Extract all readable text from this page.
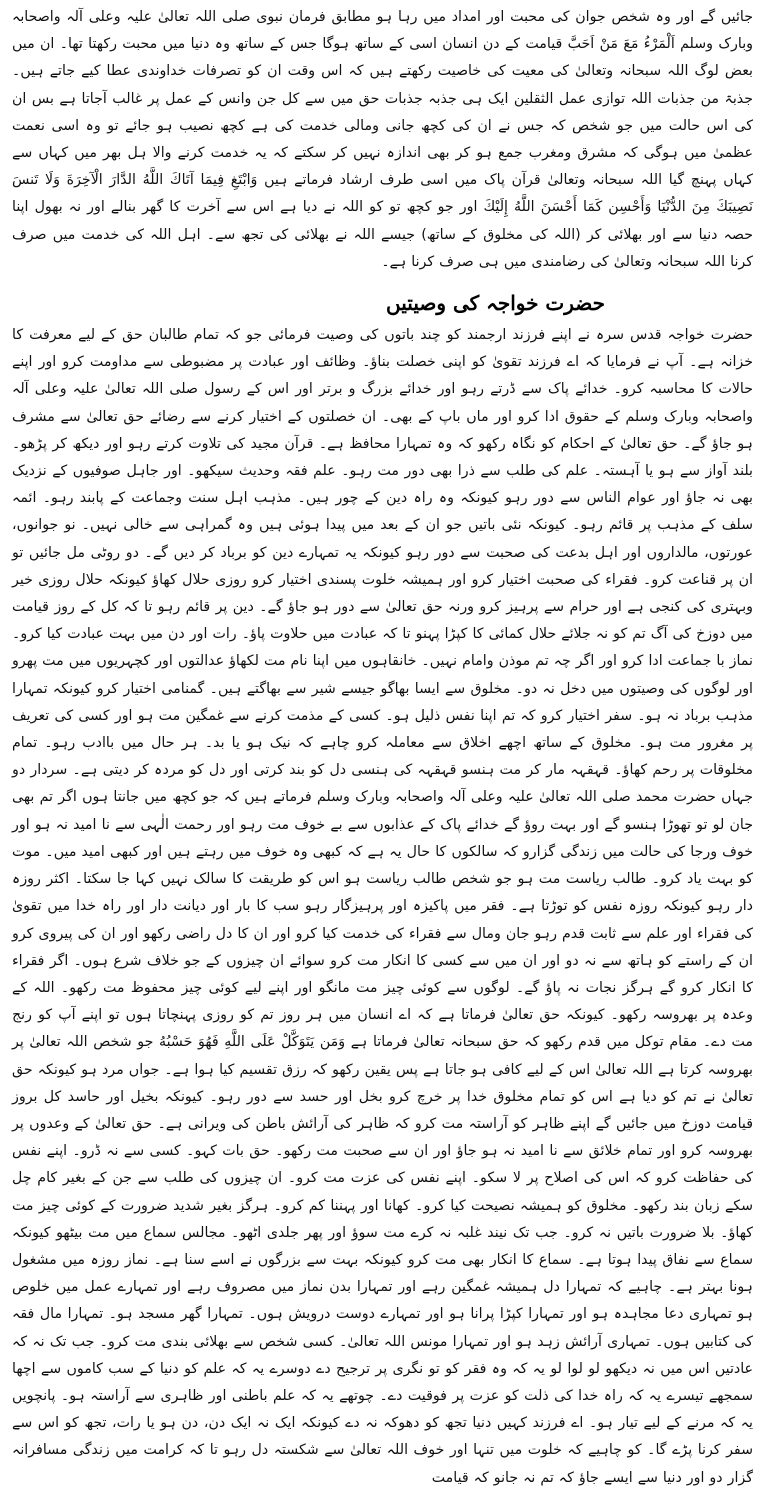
جائیں گے اور وہ شخص جوان کی محبت اور امداد میں رہا ہو مطابق فرمان نبوی صلی اللہ تعالیٰ علیہ وعلی آلہ واصحابہ وبارک وسلم اَلْمَرْءُ مَعَ مَنْ اَحَبَّ قیامت کے دن انسان اسی کے ساتھ ہوگا جس کے ساتھ وہ دنیا میں محبت رکھتا تھا۔ ان میں بعض لوگ اللہ سبحانہ وتعالیٰ کی معیت کی خاصیت رکھتے ہیں کہ اس وقت ان کو تصرفات خداوندی عطا کیے جاتے ہیں۔ جذبۃ من جذبات اللہ توازی عمل الثقلین ایک ہی جذبہ جذبات حق میں سے کل جن وانس کے عمل پر غالب آجاتا ہے بس ان کی اس حالت میں جو شخص کہ جس نے ان کی کچھ جانی ومالی خدمت کی ہے کچھ نصیب ہو جائے تو وہ اسی نعمت عظمیٰ میں ہوگی کہ مشرق ومغرب جمع ہو کر بھی اندازہ نہیں کر سکتے کہ یہ خدمت کرنے والا ہل بھر میں کہاں سے کہاں پہنچ گیا اللہ سبحانہ وتعالیٰ قرآن پاک میں اسی طرف ارشاد فرماتے ہیں وَابْتَغِ فِيمَا آتَاكَ اللَّهُ الدَّارَ الْآخِرَةَ وَلَا تَنسَ نَصِيبَكَ مِنَ الدُّنْيَا وَأَحْسِن كَمَا أَحْسَنَ اللَّهُ إِلَيْكَ اور جو کچھ تو کو اللہ نے دیا ہے اس سے آخرت کا گھر بنالے اور نہ بھول اپنا حصہ دنیا سے اور بھلائی کر (اللہ کی مخلوق کے ساتھ) جیسے اللہ نے بھلائی کی تجھ سے۔ اہل اللہ کی خدمت میں صرف کرنا اللہ سبحانہ وتعالیٰ کی رضامندی میں ہی صرف کرنا ہے۔

حضرت خواجہ کی وصیتیں

حضرت خواجہ قدس سرہ نے اپنے فرزند ارجمند کو چند باتوں کی وصیت فرمائی جو کہ تمام طالبان حق کے لیے معرفت کا خزانہ ہے۔ آپ نے فرمایا کہ اے فرزند تقویٰ کو اپنی خصلت بناؤ۔ وظائف اور عبادت پر مضبوطی سے مداومت کرو اور اپنے حالات کا محاسبہ کرو۔ خدائے پاک سے ڈرتے رہو اور خدائے بزرگ و برتر اور اس کے رسول صلی اللہ تعالیٰ علیہ وعلی آلہ واصحابہ وبارک وسلم کے حقوق ادا کرو اور ماں باپ کے بھی۔ ان خصلتوں کے اختیار کرنے سے رضائے حق تعالیٰ سے مشرف ہو جاؤ گے۔ حق تعالیٰ کے احکام کو نگاہ رکھو کہ وہ تمہارا محافظ ہے۔ قرآن مجید کی تلاوت کرتے رہو اور دیکھ کر پڑھو۔ بلند آواز سے ہو یا آہستہ۔ علم کی طلب سے ذرا بھی دور مت رہو۔ علم فقہ وحدیث سیکھو۔ اور جاہل صوفیوں کے نزدیک بھی نہ جاؤ اور عوام الناس سے دور رہو کیونکہ وہ راہ دین کے چور ہیں۔ مذہب اہل سنت وجماعت کے پابند رہو۔ ائمہ سلف کے مذہب پر قائم رہو۔ کیونکہ نئی باتیں جو ان کے بعد میں پیدا ہوئی ہیں وہ گمراہی سے خالی نہیں۔ نو جوانوں، عورتوں، مالداروں اور اہل بدعت کی صحبت سے دور رہو کیونکہ یہ تمہارے دین کو برباد کر دیں گے۔ دو روٹی مل جائیں تو ان پر قناعت کرو۔ فقراء کی صحبت اختیار کرو اور ہمیشہ خلوت پسندی اختیار کرو روزی حلال کھاؤ کیونکہ حلال روزی خیر وبہتری کی کنجی ہے اور حرام سے پرہیز کرو ورنہ حق تعالیٰ سے دور ہو جاؤ گے۔ دین پر قائم رہو تا کہ کل کے روز قیامت میں دوزخ کی آگ تم کو نہ جلائے حلال کمائی کا کپڑا پہنو تا کہ عبادت میں حلاوت پاؤ۔ رات اور دن میں بہت عبادت کیا کرو۔ نماز با جماعت ادا کرو اور اگر چہ تم موذن وامام نہیں۔ خانقاہوں میں اپنا نام مت لکھاؤ عدالتوں اور کچہریوں میں مت پھرو اور لوگوں کی وصیتوں میں دخل نہ دو۔ مخلوق سے ایسا بھاگو جیسے شیر سے بھاگتے ہیں۔ گمنامی اختیار کرو کیونکہ تمہارا مذہب برباد نہ ہو۔ سفر اختیار کرو کہ تم اپنا نفس ذلیل ہو۔ کسی کے مذمت کرنے سے غمگین مت ہو اور کسی کی تعریف پر مغرور مت ہو۔ مخلوق کے ساتھ اچھے اخلاق سے معاملہ کرو چاہے کہ نیک ہو یا بد۔ ہر حال میں باادب رہو۔ تمام مخلوقات پر رحم کھاؤ۔ قہقہہ مار کر مت ہنسو قہقہہ کی ہنسی دل کو بند کرتی اور دل کو مردہ کر دیتی ہے۔ سردار دو جہاں حضرت محمد صلی اللہ تعالیٰ علیہ وعلی آلہ واصحابہ وبارک وسلم فرماتے ہیں کہ جو کچھ میں جانتا ہوں اگر تم بھی جان لو تو تھوڑا ہنسو گے اور بہت روؤ گے خدائے پاک کے عذابوں سے بے خوف مت رہو اور رحمت الٰہی سے نا امید نہ ہو اور خوف ورجا کی حالت میں زندگی گزارو کہ سالکوں کا حال یہ ہے کہ کبھی وہ خوف میں رہتے ہیں اور کبھی امید میں۔ موت کو بہت یاد کرو۔ طالب ریاست مت ہو جو شخص طالب ریاست ہو اس کو طریقت کا سالک نہیں کہا جا سکتا۔ اکثر روزہ دار رہو کیونکہ روزہ نفس کو توڑتا ہے۔ فقر میں پاکیزہ اور پرہیزگار رہو سب کا بار اور دیانت دار اور راہ خدا میں تقویٰ کی فقراء اور علم سے ثابت قدم رہو جان ومال سے فقراء کی خدمت کیا کرو اور ان کا دل راضی رکھو اور ان کی پیروی کرو ان کے راستے کو ہاتھ سے نہ دو اور ان میں سے کسی کا انکار مت کرو سوائے ان چیزوں کے جو خلاف شرع ہوں۔ اگر فقراء کا انکار کرو گے ہرگز نجات نہ پاؤ گے۔ لوگوں سے کوئی چیز مت مانگو اور اپنے لیے کوئی چیز محفوظ مت رکھو۔ اللہ کے وعدہ پر بھروسہ رکھو۔ کیونکہ حق تعالیٰ فرماتا ہے کہ اے انسان میں ہر روز تم کو روزی پہنچاتا ہوں تو اپنے آپ کو رنج مت دے۔ مقام توکل میں قدم رکھو کہ حق سبحانہ تعالیٰ فرماتا ہے وَمَن يَتَوَكَّلْ عَلَى اللَّهِ فَهُوَ حَسْبُهُ جو شخص اللہ تعالیٰ پر بھروسہ کرتا ہے اللہ تعالیٰ اس کے لیے کافی ہو جاتا ہے پس یقین رکھو کہ رزق تقسیم کیا ہوا ہے۔ جواں مرد ہو کیونکہ حق تعالیٰ نے تم کو دیا ہے اس کو تمام مخلوق خدا پر خرچ کرو بخل اور حسد سے دور رہو۔ کیونکہ بخیل اور حاسد کل بروز قیامت دوزخ میں جائیں گے اپنے ظاہر کو آراستہ مت کرو کہ ظاہر کی آرائش باطن کی ویرانی ہے۔ حق تعالیٰ کے وعدوں پر بھروسہ کرو اور تمام خلائق سے نا امید نہ ہو جاؤ اور ان سے صحبت مت رکھو۔ حق بات کہو۔ کسی سے نہ ڈرو۔ اپنے نفس کی حفاظت کرو کہ اس کی اصلاح پر لا سکو۔ اپنے نفس کی عزت مت کرو۔ ان چیزوں کی طلب سے جن کے بغیر کام چل سکے زبان بند رکھو۔ مخلوق کو ہمیشہ نصیحت کیا کرو۔ کھانا اور پہننا کم کرو۔ ہرگز بغیر شدید ضرورت کے کوئی چیز مت کھاؤ۔ بلا ضرورت باتیں نہ کرو۔ جب تک نیند غلبہ نہ کرے مت سوؤ اور پھر جلدی اٹھو۔ مجالس سماع میں مت بیٹھو کیونکہ سماع سے نفاق پیدا ہوتا ہے۔ سماع کا انکار بھی مت کرو کیونکہ بہت سے بزرگوں نے اسے سنا ہے۔ نماز روزہ میں مشغول ہونا بہتر ہے۔ چاہیے کہ تمہارا دل ہمیشہ غمگین رہے اور تمہارا بدن نماز میں مصروف رہے اور تمہارے عمل میں خلوص ہو تمہاری دعا مجاہدہ ہو اور تمہارا کپڑا پرانا ہو اور تمہارے دوست درویش ہوں۔ تمہارا گھر مسجد ہو۔ تمہارا مال فقہ کی کتابیں ہوں۔ تمہاری آرائش زہد ہو اور تمہارا مونس اللہ تعالیٰ۔ کسی شخص سے بھلائی بندی مت کرو۔ جب تک نہ کہ عادتیں اس میں نہ دیکھو لو لوا لو یہ کہ وہ فقر کو تو نگری پر ترجیح دے دوسرے یہ کہ علم کو دنیا کے سب کاموں سے اچھا سمجھے تیسرے یہ کہ راہ خدا کی ذلت کو عزت پر فوقیت دے۔ چوتھے یہ کہ علم باطنی اور ظاہری سے آراستہ ہو۔ پانچویں یہ کہ مرنے کے لیے تیار ہو۔ اے فرزند کہیں دنیا تجھ کو دھوکہ نہ دے کیونکہ ایک نہ ایک دن، دن ہو یا رات، تجھ کو اس سے سفر کرنا پڑے گا۔ کو چاہیے کہ خلوت میں تنہا اور خوف اللہ تعالیٰ سے شکستہ دل رہو تا کہ کرامت میں زندگی مسافرانہ گزار دو اور دنیا سے ایسے جاؤ کہ تم نہ جانو کہ قیامت
